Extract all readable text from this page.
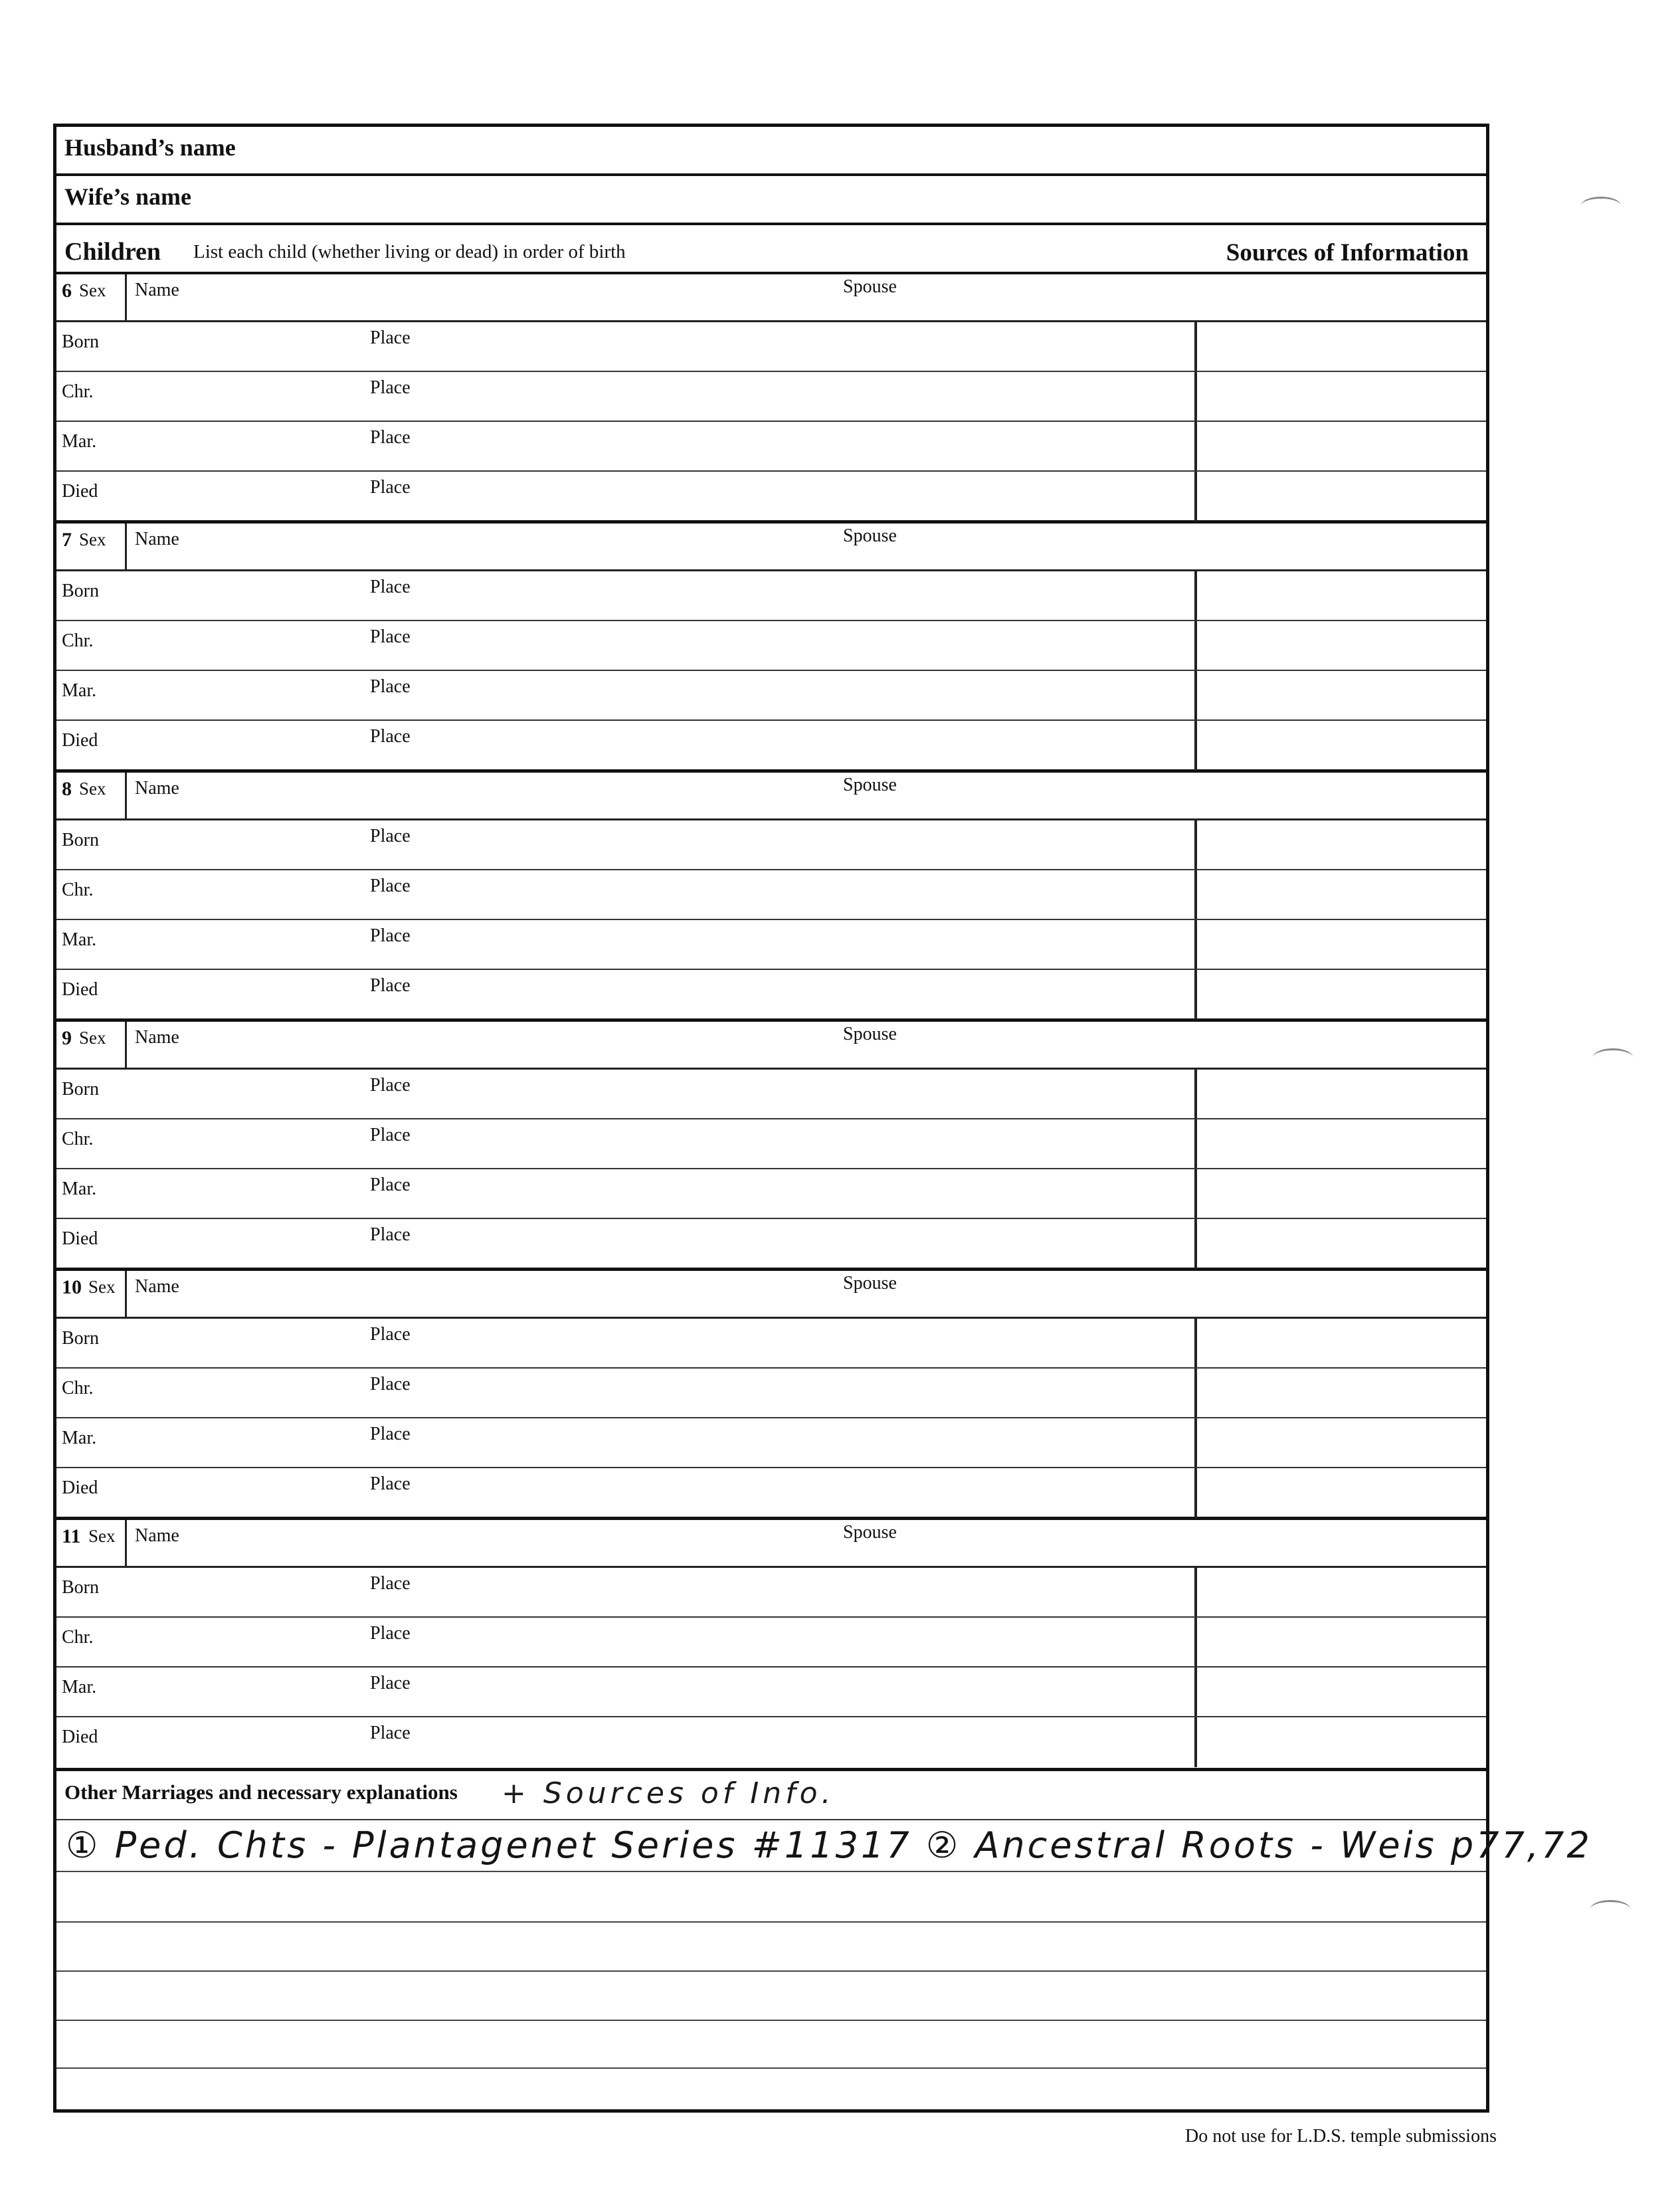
Husband’s name
Wife’s name
Children List each child (whether living or dead) in order of birth	Sources of Information
6 Sex Name	Spouse
Born	Place
Chr.	Place
Mar.	Place
Died	Place
7 Sex Name	Spouse
Born	Place
Chr.	Place
Mar.	Place
Died	Place
8 Sex Name	Spouse
Born	Place
Chr.	Place
Mar.	Place
Died	Place
9 Sex Name	Spouse
Born	Place
Chr.	Place
Mar.	Place
Died	Place
10 Sex Name	Spouse
Born	Place
Chr.	Place
Mar.	Place
Died	Place
11 Sex Name	Spouse
Born	Place
Chr.	Place
Mar.	Place
Died	Place
Other Marriages and necessary explanations + Sources of Info.
① Ped. Chts - Plantagenet Series #11317 ② Ancestral Roots - Weis p77,72
Do not use for L.D.S. temple submissions
